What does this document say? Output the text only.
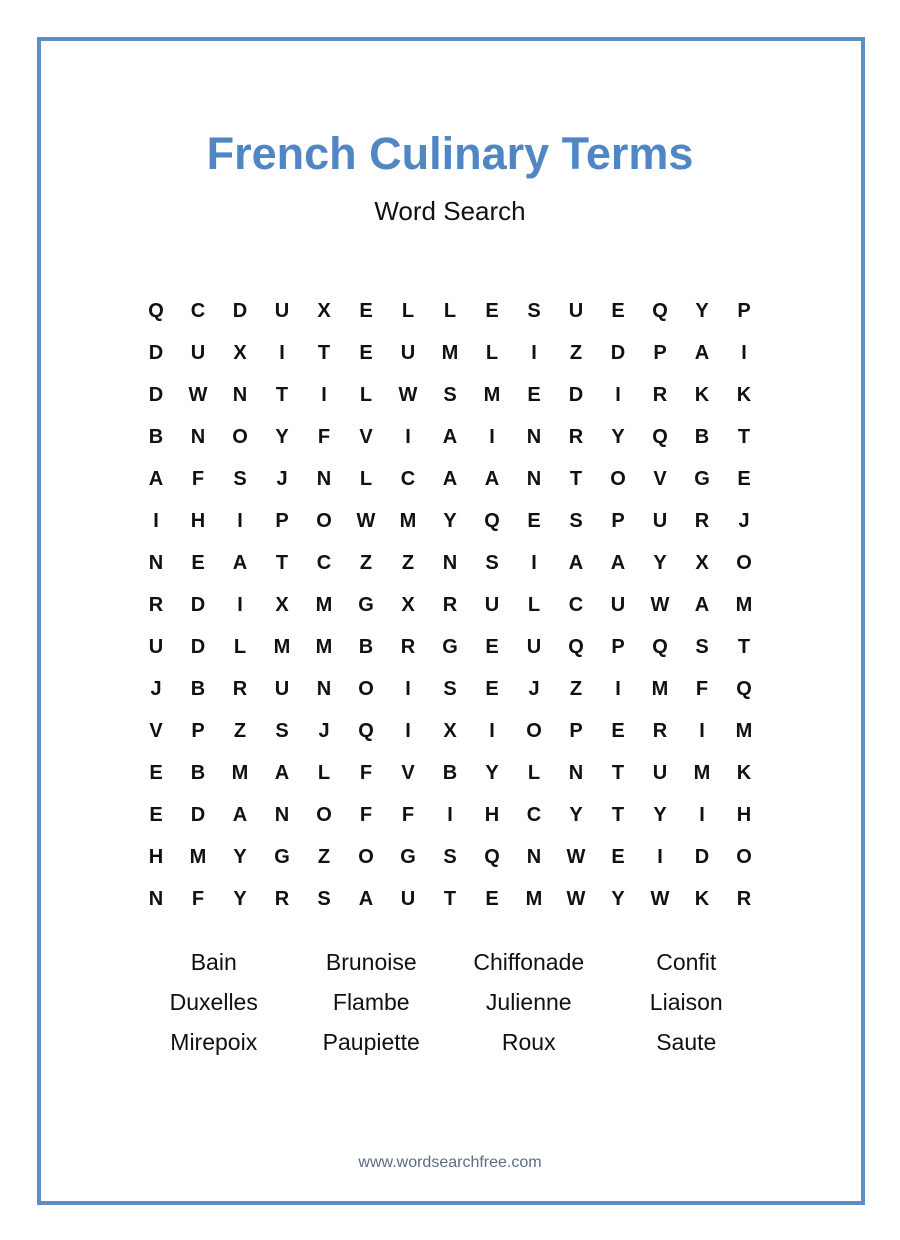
French Culinary Terms
Word Search
Q	C	D	U	X	E	L	L	E	S	U	E	Q	Y	P
D	U	X	I	T	E	U	M	L	I	Z	D	P	A	I
D	W	N	T	I	L	W	S	M	E	D	I	R	K	K
B	N	O	Y	F	V	I	A	I	N	R	Y	Q	B	T
A	F	S	J	N	L	C	A	A	N	T	O	V	G	E
I	H	I	P	O	W	M	Y	Q	E	S	P	U	R	J
N	E	A	T	C	Z	Z	N	S	I	A	A	Y	X	O
R	D	I	X	M	G	X	R	U	L	C	U	W	A	M
U	D	L	M	M	B	R	G	E	U	Q	P	Q	S	T
J	B	R	U	N	O	I	S	E	J	Z	I	M	F	Q
V	P	Z	S	J	Q	I	X	I	O	P	E	R	I	M
E	B	M	A	L	F	V	B	Y	L	N	T	U	M	K
E	D	A	N	O	F	F	I	H	C	Y	T	Y	I	H
H	M	Y	G	Z	O	G	S	Q	N	W	E	I	D	O
N	F	Y	R	S	A	U	T	E	M	W	Y	W	K	R
Bain	Brunoise	Chiffonade	Confit
Duxelles	Flambe	Julienne	Liaison
Mirepoix	Paupiette	Roux	Saute
www.wordsearchfree.com
